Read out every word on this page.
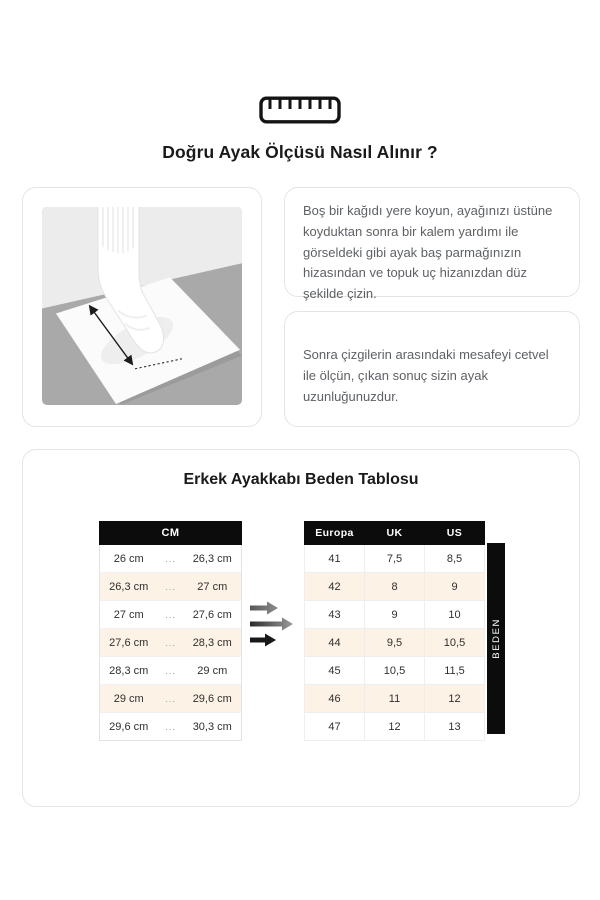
Doğru Ayak Ölçüsü Nasıl Alınır ?

Boş bir kağıdı yere koyun, ayağınızı üstüne koyduktan sonra bir kalem yardımı ile görseldeki gibi ayak baş parmağınızın hizasından ve topuk uç hizanızdan düz şekilde çizin.

Sonra çizgilerin arasındaki mesafeyi cetvel ile ölçün, çıkan sonuç sizin ayak uzunluğunuzdur.

Erkek Ayakkabı Beden Tablosu
CM		
26 cm	...	26,3 cm
26,3 cm	...	27 cm
27 cm	...	27,6 cm
27,6 cm	...	28,3 cm
28,3 cm	...	29 cm
29 cm	...	29,6 cm
29,6 cm	...	30,3 cm
Europa	UK	US
41	7,5	8,5
42	8	9
43	9	10
44	9,5	10,5
45	10,5	11,5
46	11	12
47	12	13
BEDEN
